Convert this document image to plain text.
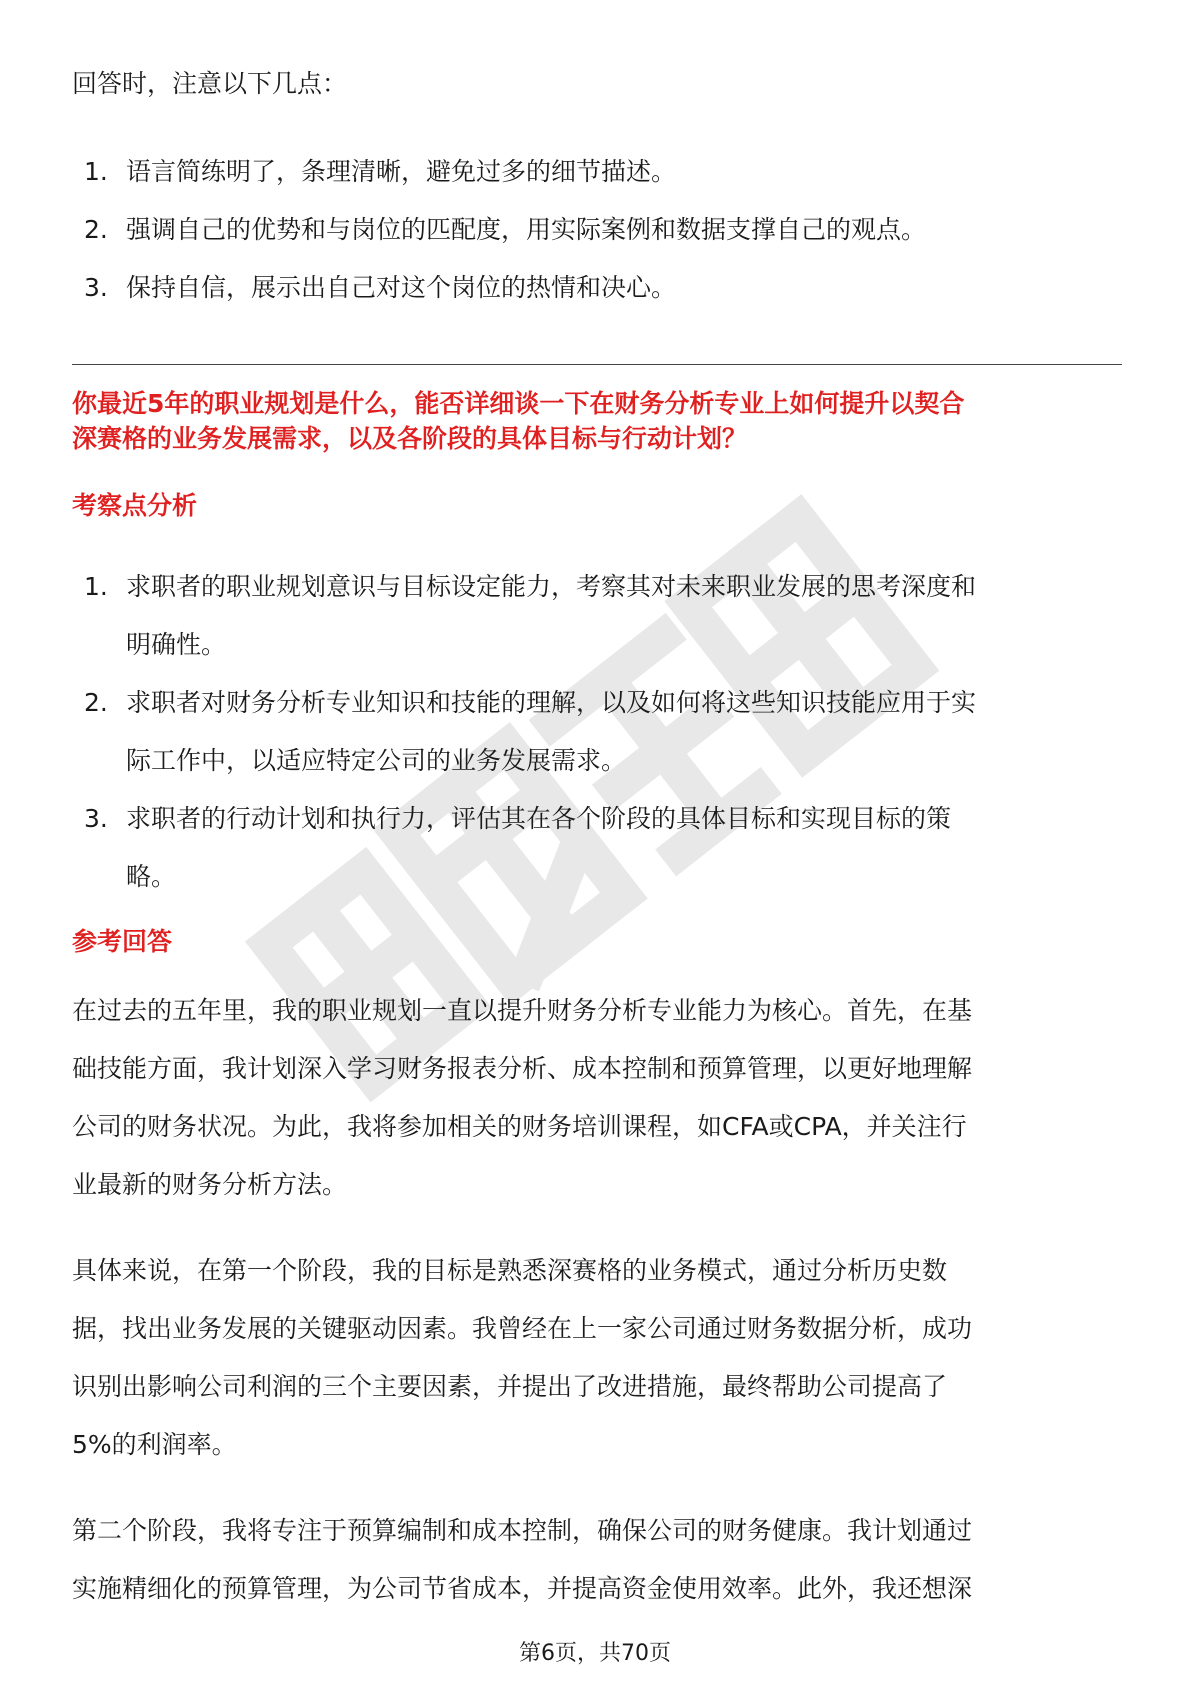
回答时，注意以下几点：
1. 语言简练明了，条理清晰，避免过多的细节描述。
2. 强调自己的优势和与岗位的匹配度，用实际案例和数据支撑自己的观点。
3. 保持自信，展示出自己对这个岗位的热情和决心。
你最近5年的职业规划是什么，能否详细谈一下在财务分析专业上如何提升以契合
深赛格的业务发展需求，以及各阶段的具体目标与行动计划？
考察点分析
1. 求职者的职业规划意识与目标设定能力，考察其对未来职业发展的思考深度和
明确性。
2. 求职者对财务分析专业知识和技能的理解，以及如何将这些知识技能应用于实
际工作中，以适应特定公司的业务发展需求。
3. 求职者的行动计划和执行力，评估其在各个阶段的具体目标和实现目标的策
略。
参考回答
在过去的五年里，我的职业规划一直以提升财务分析专业能力为核心。首先，在基
础技能方面，我计划深入学习财务报表分析、成本控制和预算管理，以更好地理解
公司的财务状况。为此，我将参加相关的财务培训课程，如CFA或CPA，并关注行
业最新的财务分析方法。
具体来说，在第一个阶段，我的目标是熟悉深赛格的业务模式，通过分析历史数
据，找出业务发展的关键驱动因素。我曾经在上一家公司通过财务数据分析，成功
识别出影响公司利润的三个主要因素，并提出了改进措施，最终帮助公司提高了
5%的利润率。
第二个阶段，我将专注于预算编制和成本控制，确保公司的财务健康。我计划通过
实施精细化的预算管理，为公司节省成本，并提高资金使用效率。此外，我还想深
第6页，共70页
